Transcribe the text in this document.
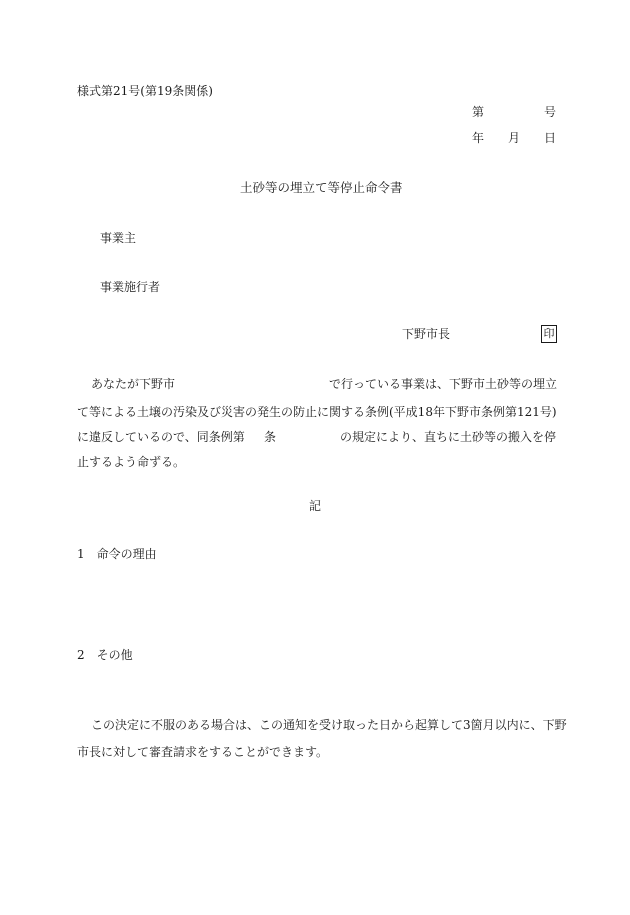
様式第21号(第19条関係)
第	号
年 月 日
土砂等の埋立て等停止命令書
事業主
事業施行者
下野市長	印
あなたが下野市	で行っている事業は、下野市土砂等の埋立
て等による土壌の汚染及び災害の発生の防止に関する条例(平成18年下野市条例第121号)
に違反しているので、同条例第 条	の規定により、直ちに土砂等の搬入を停
止するよう命ずる。
記
1　命令の理由
2　その他
この決定に不服のある場合は、この通知を受け取った日から起算して3箇月以内に、下野
市長に対して審査請求をすることができます。
